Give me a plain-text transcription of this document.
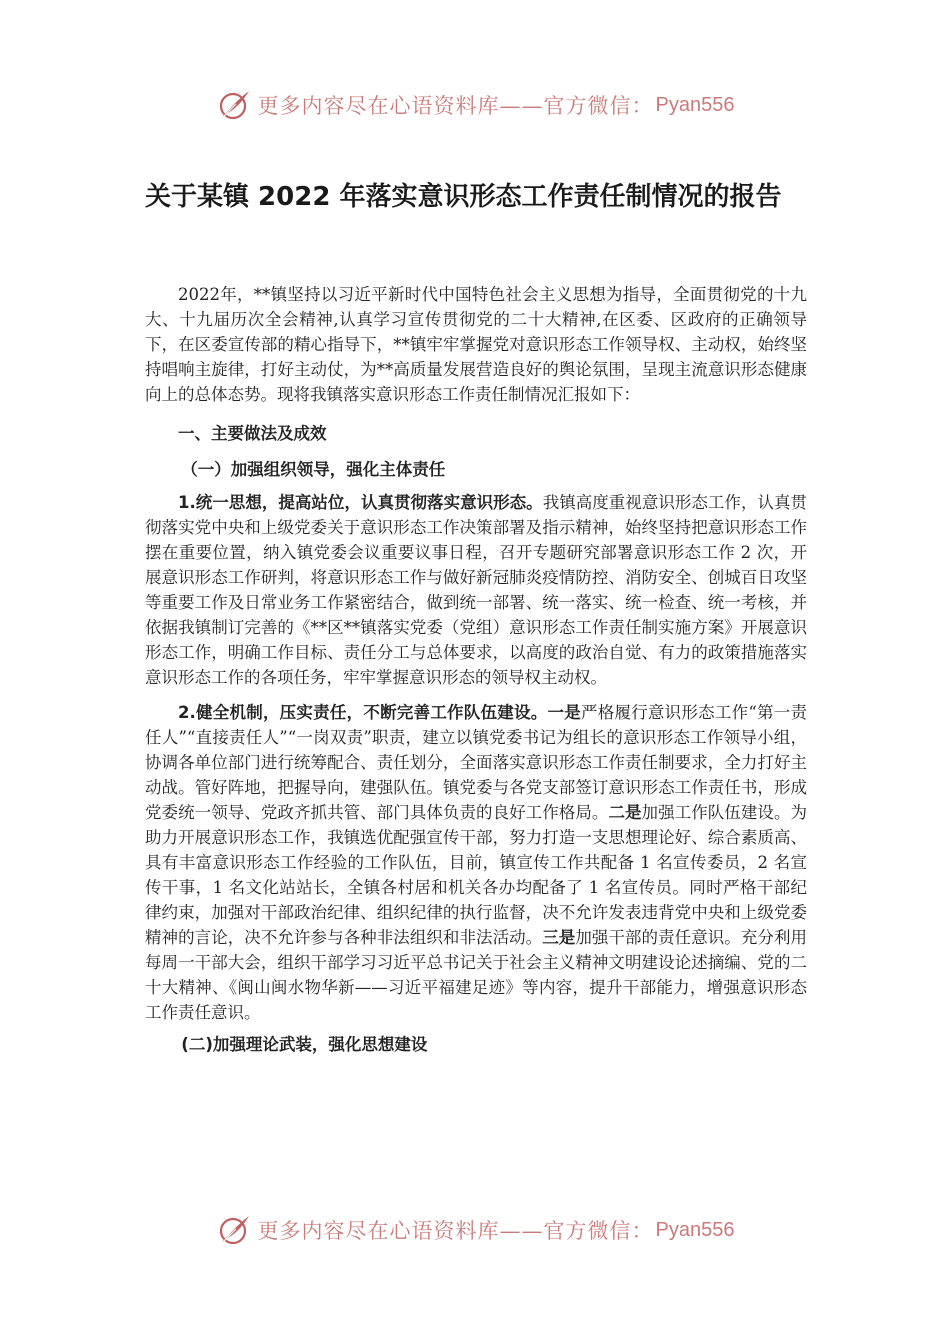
更多内容尽在心语资料库——官方微信： Pyan556
关于某镇 2022 年落实意识形态工作责任制情况的报告

2022年，**镇坚持以习近平新时代中国特色社会主义思想为指导，全面贯彻党的十九大、十九届历次全会精神,认真学习宣传贯彻党的二十大精神,在区委、区政府的正确领导下，在区委宣传部的精心指导下，**镇牢牢掌握党对意识形态工作领导权、主动权，始终坚持唱响主旋律，打好主动仗，为**高质量发展营造良好的舆论氛围，呈现主流意识形态健康向上的总体态势。现将我镇落实意识形态工作责任制情况汇报如下：

一、主要做法及成效
（一）加强组织领导，强化主体责任

1.统一思想，提高站位，认真贯彻落实意识形态。我镇高度重视意识形态工作，认真贯彻落实党中央和上级党委关于意识形态工作决策部署及指示精神，始终坚持把意识形态工作摆在重要位置，纳入镇党委会议重要议事日程，召开专题研究部署意识形态工作 2 次，开展意识形态工作研判，将意识形态工作与做好新冠肺炎疫情防控、消防安全、创城百日攻坚等重要工作及日常业务工作紧密结合，做到统一部署、统一落实、统一检查、统一考核，并依据我镇制订完善的《**区**镇落实党委（党组）意识形态工作责任制实施方案》开展意识形态工作，明确工作目标、责任分工与总体要求，以高度的政治自觉、有力的政策措施落实意识形态工作的各项任务，牢牢掌握意识形态的领导权主动权。

2.健全机制，压实责任，不断完善工作队伍建设。一是严格履行意识形态工作“第一责任人”“直接责任人”“一岗双责”职责，建立以镇党委书记为组长的意识形态工作领导小组，协调各单位部门进行统筹配合、责任划分，全面落实意识形态工作责任制要求，全力打好主动战。管好阵地，把握导向，建强队伍。镇党委与各党支部签订意识形态工作责任书，形成党委统一领导、党政齐抓共管、部门具体负责的良好工作格局。二是加强工作队伍建设。为助力开展意识形态工作，我镇选优配强宣传干部，努力打造一支思想理论好、综合素质高、具有丰富意识形态工作经验的工作队伍，目前，镇宣传工作共配备 1 名宣传委员，2 名宣传干事，1 名文化站站长，全镇各村居和机关各办均配备了 1 名宣传员。同时严格干部纪律约束，加强对干部政治纪律、组织纪律的执行监督，决不允许发表违背党中央和上级党委精神的言论，决不允许参与各种非法组织和非法活动。三是加强干部的责任意识。充分利用每周一干部大会，组织干部学习习近平总书记关于社会主义精神文明建设论述摘编、党的二十大精神、《闽山闽水物华新——习近平福建足迹》等内容，提升干部能力，增强意识形态工作责任意识。

(二)加强理论武装，强化思想建设
更多内容尽在心语资料库——官方微信： Pyan556
